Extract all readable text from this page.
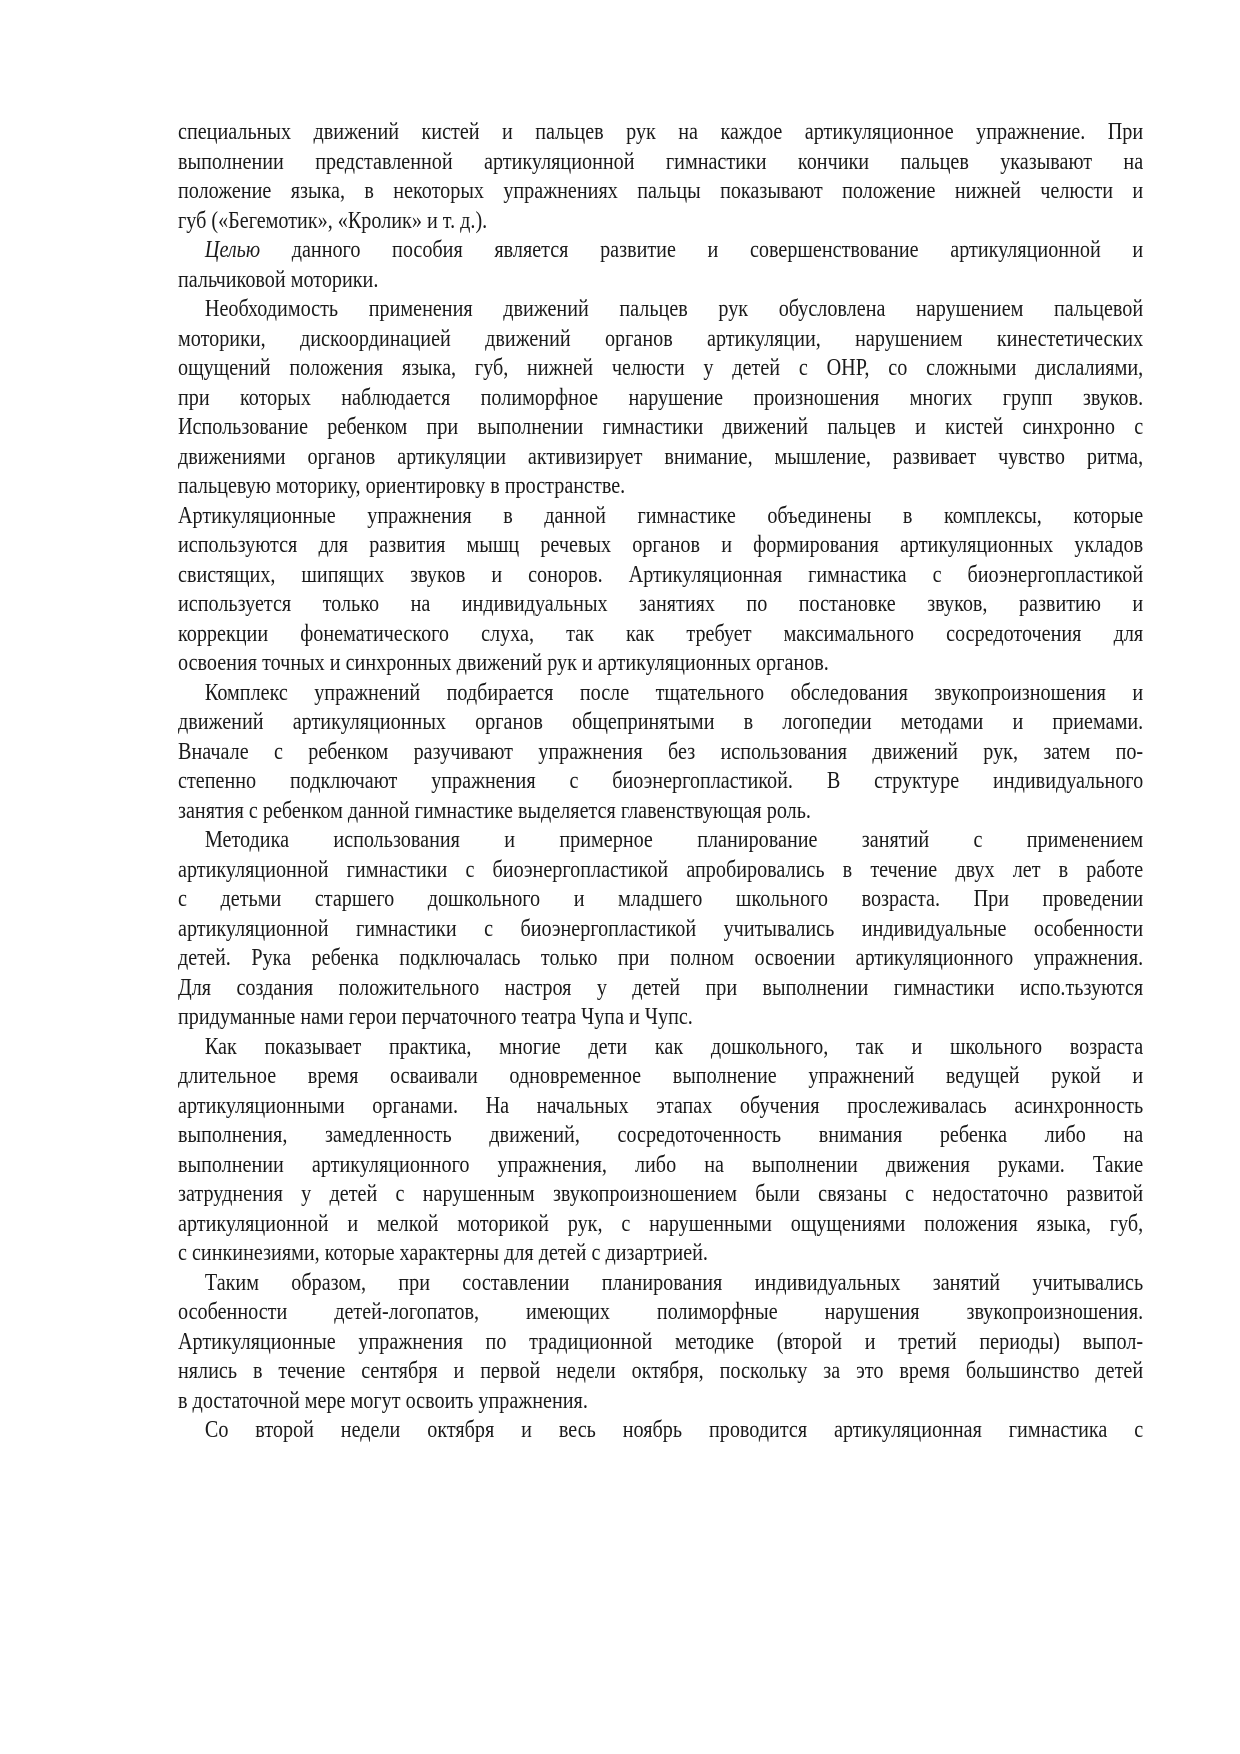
специальных движений кистей и пальцев рук на каждое артикуляционное упражнение. При
выполнении представленной артикуляционной гимнастики кончики пальцев указывают на
положение языка, в некоторых упражнениях пальцы показывают положение нижней челюсти и
губ («Бегемотик», «Кролик» и т. д.).
Целью данного пособия является развитие и совершенствование артикуляционной и
пальчиковой моторики.
Необходимость применения движений пальцев рук обусловлена нарушением пальцевой
моторики, дискоординацией движений органов артикуляции, нарушением кинестетических
ощущений положения языка, губ, нижней челюсти у детей с ОНР, со сложными дислалиями,
при которых наблюдается полиморфное нарушение произношения многих групп звуков.
Использование ребенком при выполнении гимнастики движений пальцев и кистей синхронно с
движениями органов артикуляции активизирует внимание, мышление, развивает чувство ритма,
пальцевую моторику, ориентировку в пространстве.
Артикуляционные упражнения в данной гимнастике объединены в комплексы, которые
используются для развития мышц речевых органов и формирования артикуляционных укладов
свистящих, шипящих звуков и соноров. Артикуляционная гимнастика с биоэнергопластикой
используется только на индивидуальных занятиях по постановке звуков, развитию и
коррекции фонематического слуха, так как требует максимального сосредоточения для
освоения точных и синхронных движений рук и артикуляционных органов.
Комплекс упражнений подбирается после тщательного обследования звукопроизношения и
движений артикуляционных органов общепринятыми в логопедии методами и приемами.
Вначале с ребенком разучивают упражнения без использования движений рук, затем по-
степенно подключают упражнения с биоэнергопластикой. В структуре индивидуального
занятия с ребенком данной гимнастике выделяется главенствующая роль.
Методика использования и примерное планирование занятий с применением
артикуляционной гимнастики с биоэнергопластикой апробировались в течение двух лет в работе
с детьми старшего дошкольного и младшего школьного возраста. При проведении
артикуляционной гимнастики с биоэнергопластикой учитывались индивидуальные особенности
детей. Рука ребенка подключалась только при полном освоении артикуляционного упражнения.
Для создания положительного настроя у детей при выполнении гимнастики испо.тьзуются
придуманные нами герои перчаточного театра Чупа и Чупс.
Как показывает практика, многие дети как дошкольного, так и школьного возраста
длительное время осваивали одновременное выполнение упражнений ведущей рукой и
артикуляционными органами. На начальных этапах обучения прослеживалась асинхронность
выполнения, замедленность движений, сосредоточенность внимания ребенка либо на
выполнении артикуляционного упражнения, либо на выполнении движения руками. Такие
затруднения у детей с нарушенным звукопроизношением были связаны с недостаточно развитой
артикуляционной и мелкой моторикой рук, с нарушенными ощущениями положения языка, губ,
с синкинезиями, которые характерны для детей с дизартрией.
Таким образом, при составлении планирования индивидуальных занятий учитывались
особенности детей-логопатов, имеющих полиморфные нарушения звукопроизношения.
Артикуляционные упражнения по традиционной методике (второй и третий периоды) выпол-
нялись в течение сентября и первой недели октября, поскольку за это время большинство детей
в достаточной мере могут освоить упражнения.
Со второй недели октября и весь ноябрь проводится артикуляционная гимнастика с
